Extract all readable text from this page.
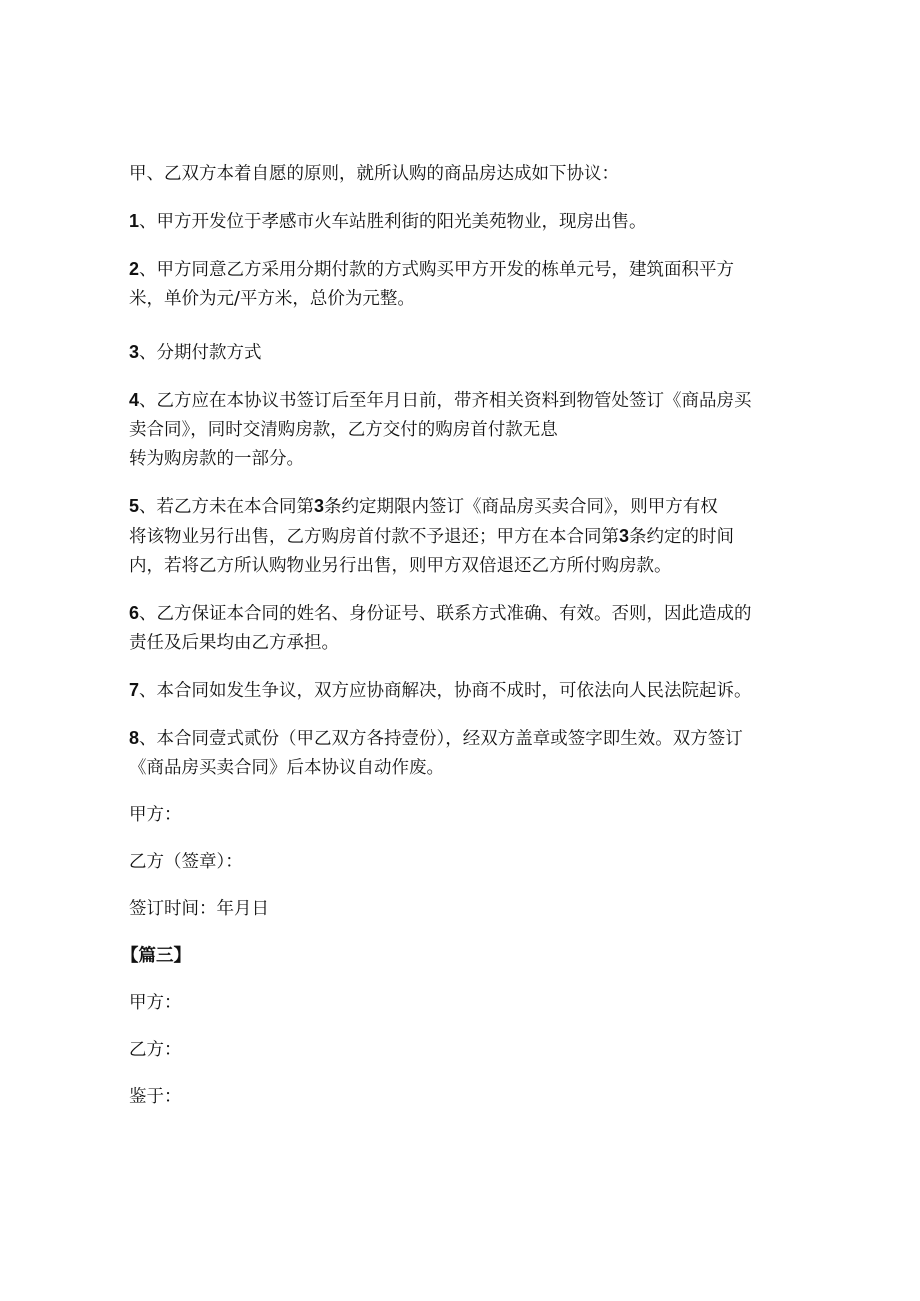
甲、乙双方本着自愿的原则，就所认购的商品房达成如下协议：

1、甲方开发位于孝感市火车站胜利街的阳光美苑物业，现房出售。

2、甲方同意乙方采用分期付款的方式购买甲方开发的栋单元号，建筑面积平方
米，单价为元/平方米，总价为元整。

3、分期付款方式

4、乙方应在本协议书签订后至年月日前，带齐相关资料到物管处签订《商品房买
卖合同》，同时交清购房款，乙方交付的购房首付款无息
转为购房款的一部分。

5、若乙方未在本合同第3条约定期限内签订《商品房买卖合同》，则甲方有权
将该物业另行出售，乙方购房首付款不予退还；甲方在本合同第3条约定的时间
内，若将乙方所认购物业另行出售，则甲方双倍退还乙方所付购房款。

6、乙方保证本合同的姓名、身份证号、联系方式准确、有效。否则，因此造成的
责任及后果均由乙方承担。

7、本合同如发生争议，双方应协商解决，协商不成时，可依法向人民法院起诉。

8、本合同壹式贰份（甲乙双方各持壹份），经双方盖章或签字即生效。双方签订
《商品房买卖合同》后本协议自动作废。

甲方：

乙方（签章）：

签订时间：年月日

【篇三】

甲方：

乙方：

鉴于：
